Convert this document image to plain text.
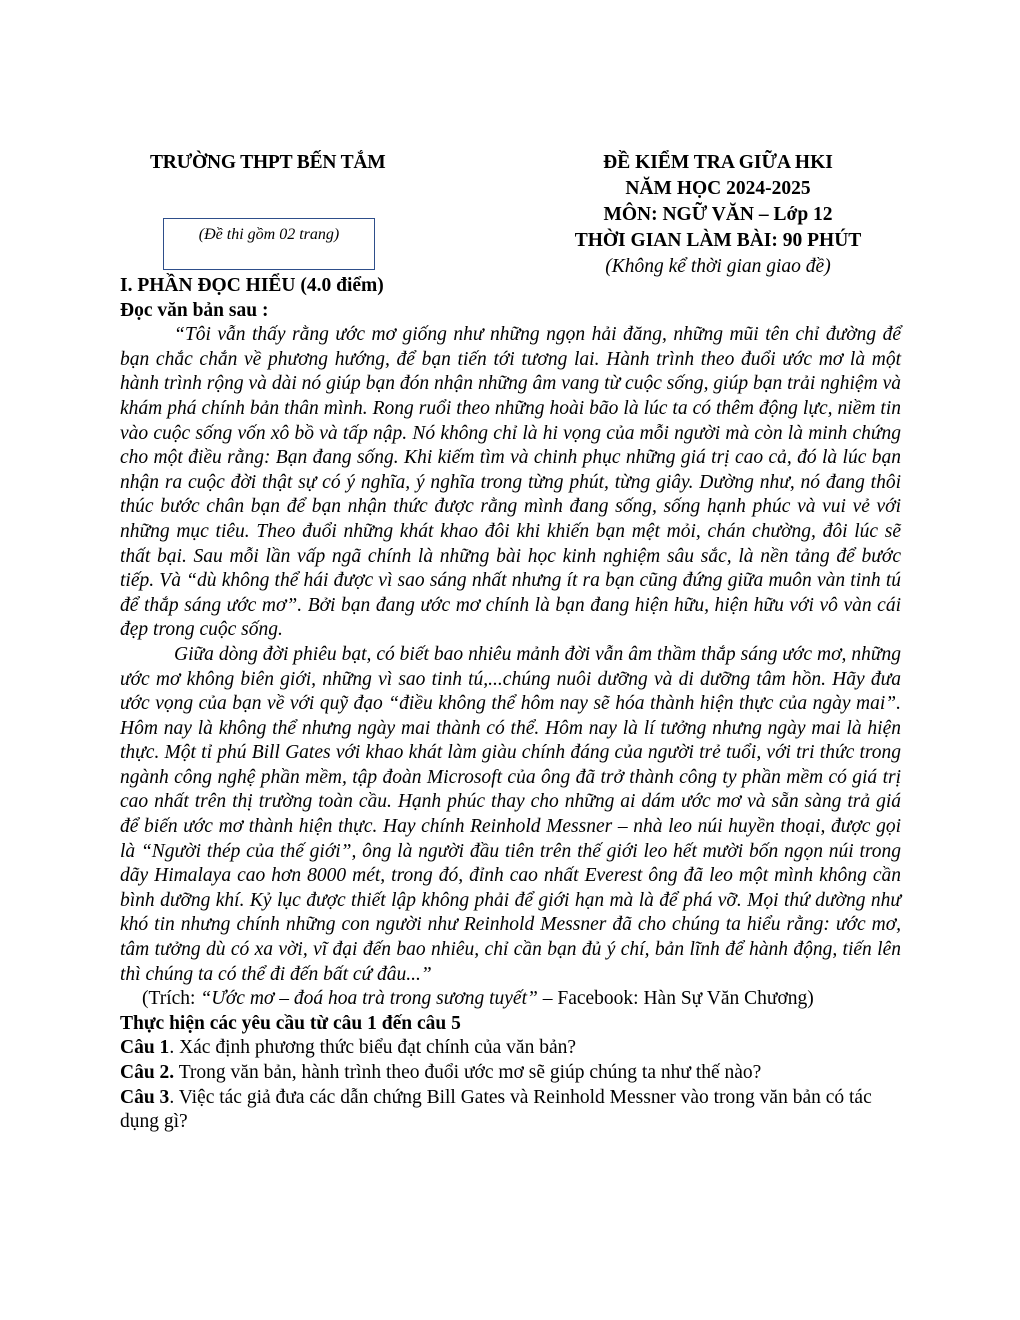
TRƯỜNG THPT BẾN TẮM	ĐỀ KIỂM TRA GIỮA HKI
NĂM HỌC 2024-2025
MÔN: NGỮ VĂN – Lớp 12
THỜI GIAN LÀM BÀI: 90 PHÚT
(Không kể thời gian giao đề)
(Đề thi gồm 02 trang)

I. PHẦN ĐỌC HIỂU (4.0 điểm)

Đọc văn bản sau :

“Tôi vẫn thấy rằng ước mơ giống như những ngọn hải đăng, những mũi tên chỉ đường để bạn chắc chắn về phương hướng, để bạn tiến tới tương lai. Hành trình theo đuổi ước mơ là một hành trình rộng và dài nó giúp bạn đón nhận những âm vang từ cuộc sống, giúp bạn trải nghiệm và khám phá chính bản thân mình. Rong ruổi theo những hoài bão là lúc ta có thêm động lực, niềm tin vào cuộc sống vốn xô bồ và tấp nập. Nó không chỉ là hi vọng của mỗi người mà còn là minh chứng cho một điều rằng: Bạn đang sống. Khi kiếm tìm và chinh phục những giá trị cao cả, đó là lúc bạn nhận ra cuộc đời thật sự có ý nghĩa, ý nghĩa trong từng phút, từng giây. Dường như, nó đang thôi thúc bước chân bạn để bạn nhận thức được rằng mình đang sống, sống hạnh phúc và vui vẻ với những mục tiêu. Theo đuổi những khát khao đôi khi khiến bạn mệt mỏi, chán chường, đôi lúc sẽ thất bại. Sau mỗi lần vấp ngã chính là những bài học kinh nghiệm sâu sắc, là nền tảng để bước tiếp. Và “dù không thể hái được vì sao sáng nhất nhưng ít ra bạn cũng đứng giữa muôn vàn tinh tú để thắp sáng ước mơ”. Bởi bạn đang ước mơ chính là bạn đang hiện hữu, hiện hữu với vô vàn cái đẹp trong cuộc sống.

Giữa dòng đời phiêu bạt, có biết bao nhiêu mảnh đời vẫn âm thầm thắp sáng ước mơ, những ước mơ không biên giới, những vì sao tinh tú,...chúng nuôi dưỡng và di dưỡng tâm hồn. Hãy đưa ước vọng của bạn về với quỹ đạo “điều không thể hôm nay sẽ hóa thành hiện thực của ngày mai”. Hôm nay là không thể nhưng ngày mai thành có thể. Hôm nay là lí tưởng nhưng ngày mai là hiện thực. Một tỉ phú Bill Gates với khao khát làm giàu chính đáng của người trẻ tuổi, với tri thức trong ngành công nghệ phần mềm, tập đoàn Microsoft của ông đã trở thành công ty phần mềm có giá trị cao nhất trên thị trường toàn cầu. Hạnh phúc thay cho những ai dám ước mơ và sẵn sàng trả giá để biến ước mơ thành hiện thực. Hay chính Reinhold Messner – nhà leo núi huyền thoại, được gọi là “Người thép của thế giới”, ông là người đầu tiên trên thế giới leo hết mười bốn ngọn núi trong dãy Himalaya cao hơn 8000 mét, trong đó, đỉnh cao nhất Everest ông đã leo một mình không cần bình dưỡng khí. Kỷ lục được thiết lập không phải để giới hạn mà là để phá vỡ. Mọi thứ dường như khó tin nhưng chính những con người như Reinhold Messner đã cho chúng ta hiểu rằng: ước mơ, tâm tưởng dù có xa vời, vĩ đại đến bao nhiêu, chỉ cần bạn đủ ý chí, bản lĩnh để hành động, tiến lên thì chúng ta có thể đi đến bất cứ đâu...”

(Trích: “Ước mơ – đoá hoa trà trong sương tuyết” – Facebook: Hàn Sự Văn Chương)

Thực hiện các yêu cầu từ câu 1 đến câu 5

Câu 1. Xác định phương thức biểu đạt chính của văn bản?

Câu 2. Trong văn bản, hành trình theo đuổi ước mơ sẽ giúp chúng ta như thế nào?

Câu 3. Việc tác giả đưa các dẫn chứng Bill Gates và Reinhold Messner vào trong văn bản có tác dụng gì?
